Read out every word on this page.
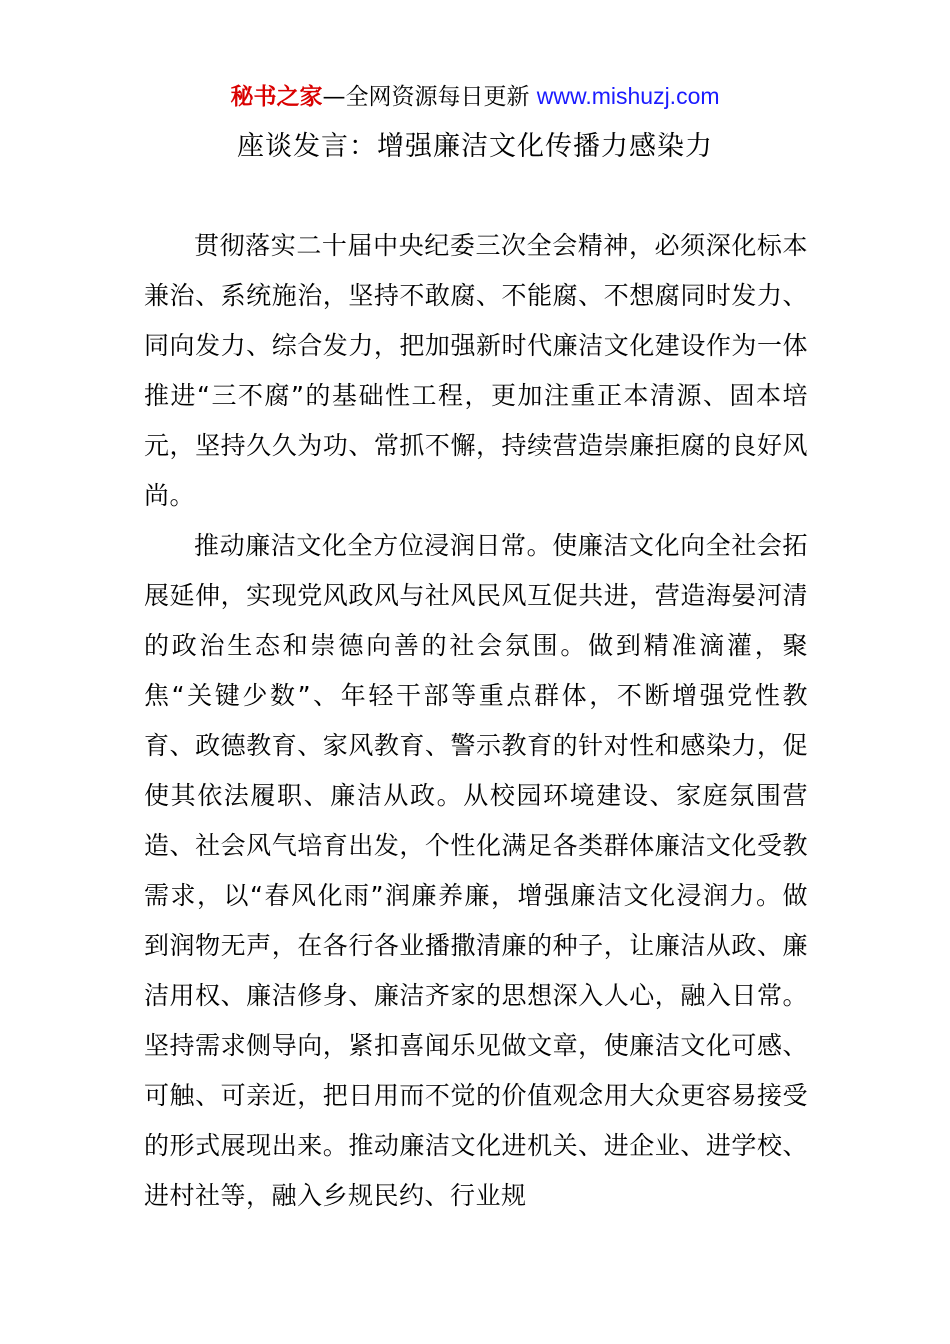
秘书之家—全网资源每日更新 www.mishuzj.com
座谈发言：增强廉洁文化传播力感染力

贯彻落实二十届中央纪委三次全会精神，必须深化标本兼治、系统施治，坚持不敢腐、不能腐、不想腐同时发力、同向发力、综合发力，把加强新时代廉洁文化建设作为一体推进“三不腐”的基础性工程，更加注重正本清源、固本培元，坚持久久为功、常抓不懈，持续营造崇廉拒腐的良好风尚。

推动廉洁文化全方位浸润日常。使廉洁文化向全社会拓展延伸，实现党风政风与社风民风互促共进，营造海晏河清的政治生态和崇德向善的社会氛围。做到精准滴灌，聚焦“关键少数”、年轻干部等重点群体，不断增强党性教育、政德教育、家风教育、警示教育的针对性和感染力，促使其依法履职、廉洁从政。从校园环境建设、家庭氛围营造、社会风气培育出发，个性化满足各类群体廉洁文化受教需求，以“春风化雨”润廉养廉，增强廉洁文化浸润力。做到润物无声，在各行各业播撒清廉的种子，让廉洁从政、廉洁用权、廉洁修身、廉洁齐家的思想深入人心，融入日常。坚持需求侧导向，紧扣喜闻乐见做文章，使廉洁文化可感、可触、可亲近，把日用而不觉的价值观念用大众更容易接受的形式展现出来。推动廉洁文化进机关、进企业、进学校、进村社等，融入乡规民约、行业规
